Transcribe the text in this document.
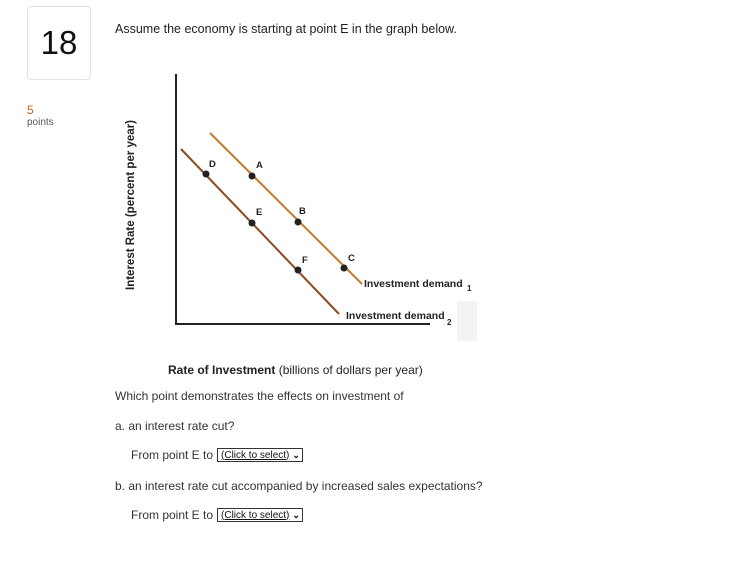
18
5
points
Assume the economy is starting at point E in the graph below.
Interest Rate (percent per year)	A
B
C
D
E
F
Investment demand 1
Investment demand
2
Rate of Investment (billions of dollars per year)
Which point demonstrates the effects on investment of
a. an interest rate cut?
From point E to (Click to select) ⌄
b. an interest rate cut accompanied by increased sales expectations?
From point E to (Click to select) ⌄
